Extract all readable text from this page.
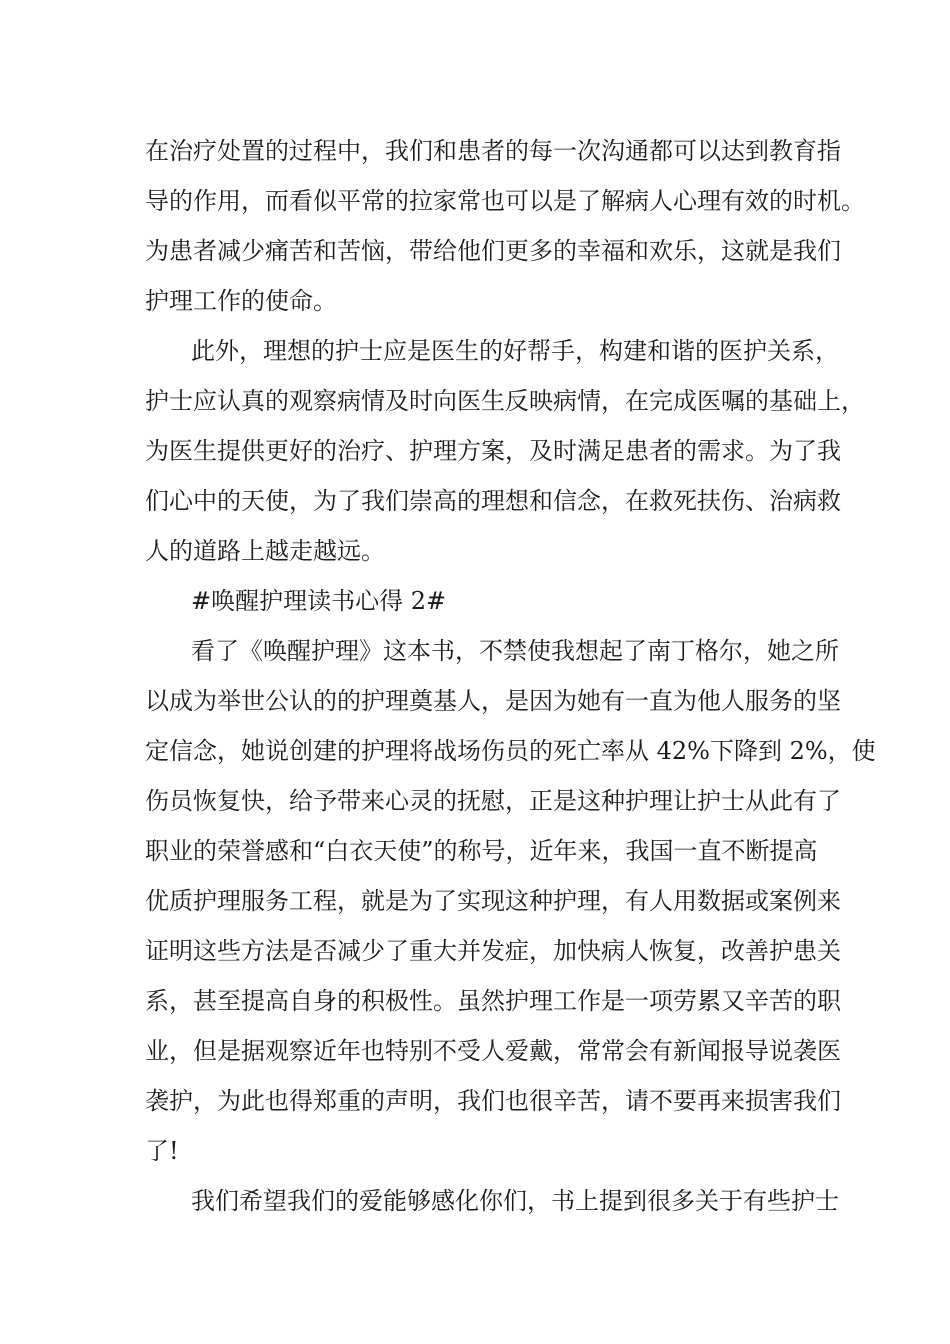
在治疗处置的过程中，我们和患者的每一次沟通都可以达到教育指
导的作用，而看似平常的拉家常也可以是了解病人心理有效的时机。
为患者减少痛苦和苦恼，带给他们更多的幸福和欢乐，这就是我们
护理工作的使命。
此外，理想的护士应是医生的好帮手，构建和谐的医护关系，
护士应认真的观察病情及时向医生反映病情，在完成医嘱的基础上，
为医生提供更好的治疗、护理方案，及时满足患者的需求。为了我
们心中的天使，为了我们崇高的理想和信念，在救死扶伤、治病救
人的道路上越走越远。
#唤醒护理读书心得 2#
看了《唤醒护理》这本书，不禁使我想起了南丁格尔，她之所
以成为举世公认的的护理奠基人，是因为她有一直为他人服务的坚
定信念，她说创建的护理将战场伤员的死亡率从 42%下降到 2%，使
伤员恢复快，给予带来心灵的抚慰，正是这种护理让护士从此有了
职业的荣誉感和“白衣天使”的称号，近年来，我国一直不断提高
优质护理服务工程，就是为了实现这种护理，有人用数据或案例来
证明这些方法是否减少了重大并发症，加快病人恢复，改善护患关
系，甚至提高自身的积极性。虽然护理工作是一项劳累又辛苦的职
业，但是据观察近年也特别不受人爱戴，常常会有新闻报导说袭医
袭护，为此也得郑重的声明，我们也很辛苦，请不要再来损害我们
了!
我们希望我们的爱能够感化你们，书上提到很多关于有些护士
